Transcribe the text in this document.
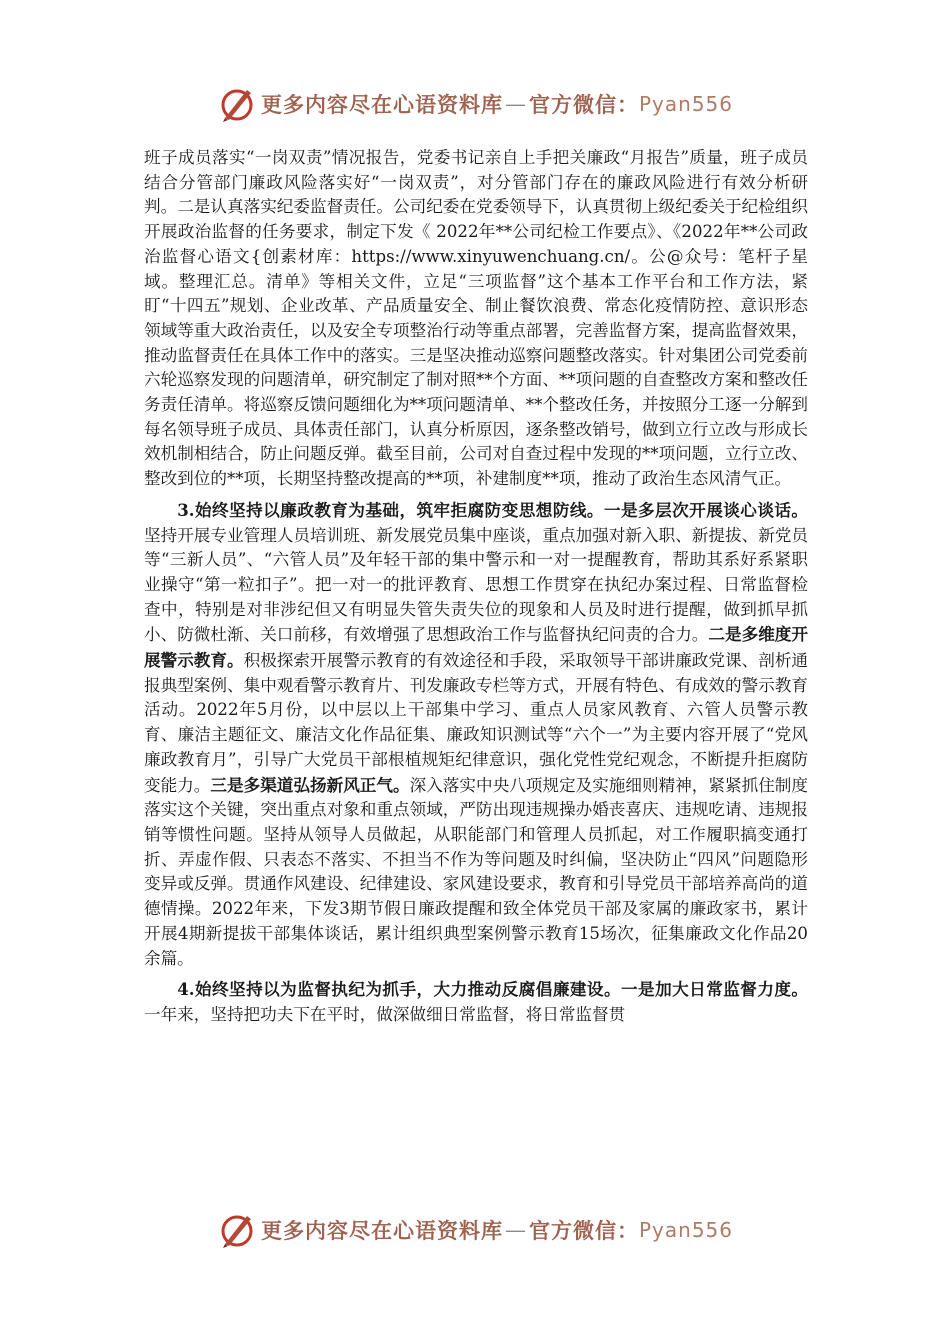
更多内容尽在心语资料库 — 官方微信： Pyan556

班子成员落实“一岗双责”情况报告，党委书记亲自上手把关廉政“月报告”质量，班子成员结合分管部门廉政风险落实好“一岗双责”，对分管部门存在的廉政风险进行有效分析研判。二是认真落实纪委监督责任。公司纪委在党委领导下，认真贯彻上级纪委关于纪检组织开展政治监督的任务要求，制定下发《 2022年**公司纪检工作要点》、《2022年**公司政治监督心语文{创素材库：https://www.xinyuwenchuang.cn/。公@众号：笔杆子星域。整理汇总。清单》等相关文件，立足“三项监督”这个基本工作平台和工作方法，紧盯“十四五”规划、企业改革、产品质量安全、制止餐饮浪费、常态化疫情防控、意识形态领域等重大政治责任，以及安全专项整治行动等重点部署，完善监督方案，提高监督效果，推动监督责任在具体工作中的落实。三是坚决推动巡察问题整改落实。针对集团公司党委前六轮巡察发现的问题清单，研究制定了制对照**个方面、**项问题的自查整改方案和整改任务责任清单。将巡察反馈问题细化为**项问题清单、**个整改任务，并按照分工逐一分解到每名领导班子成员、具体责任部门，认真分析原因，逐条整改销号，做到立行立改与形成长效机制相结合，防止问题反弹。截至目前，公司对自查过程中发现的**项问题，立行立改、整改到位的**项，长期坚持整改提高的**项，补建制度**项，推动了政治生态风清气正。

3.始终坚持以廉政教育为基础，筑牢拒腐防变思想防线。一是多层次开展谈心谈话。坚持开展专业管理人员培训班、新发展党员集中座谈，重点加强对新入职、新提拔、新党员等“三新人员”、“六管人员”及年轻干部的集中警示和一对一提醒教育，帮助其系好系紧职业操守“第一粒扣子”。把一对一的批评教育、思想工作贯穿在执纪办案过程、日常监督检查中，特别是对非涉纪但又有明显失管失责失位的现象和人员及时进行提醒，做到抓早抓小、防微杜渐、关口前移，有效增强了思想政治工作与监督执纪问责的合力。二是多维度开展警示教育。积极探索开展警示教育的有效途径和手段，采取领导干部讲廉政党课、剖析通报典型案例、集中观看警示教育片、刊发廉政专栏等方式，开展有特色、有成效的警示教育活动。2022年5月份，以中层以上干部集中学习、重点人员家风教育、六管人员警示教育、廉洁主题征文、廉洁文化作品征集、廉政知识测试等“六个一”为主要内容开展了“党风廉政教育月”，引导广大党员干部根植规矩纪律意识，强化党性党纪观念，不断提升拒腐防变能力。三是多渠道弘扬新风正气。深入落实中央八项规定及实施细则精神，紧紧抓住制度落实这个关键，突出重点对象和重点领域，严防出现违规操办婚丧喜庆、违规吃请、违规报销等惯性问题。坚持从领导人员做起，从职能部门和管理人员抓起，对工作履职搞变通打折、弄虚作假、只表态不落实、不担当不作为等问题及时纠偏，坚决防止“四风”问题隐形变异或反弹。贯通作风建设、纪律建设、家风建设要求，教育和引导党员干部培养高尚的道德情操。2022年来，下发3期节假日廉政提醒和致全体党员干部及家属的廉政家书，累计开展4期新提拔干部集体谈话，累计组织典型案例警示教育15场次，征集廉政文化作品20余篇。

4.始终坚持以为监督执纪为抓手，大力推动反腐倡廉建设。一是加大日常监督力度。一年来，坚持把功夫下在平时，做深做细日常监督，将日常监督贯

更多内容尽在心语资料库 — 官方微信： Pyan556
